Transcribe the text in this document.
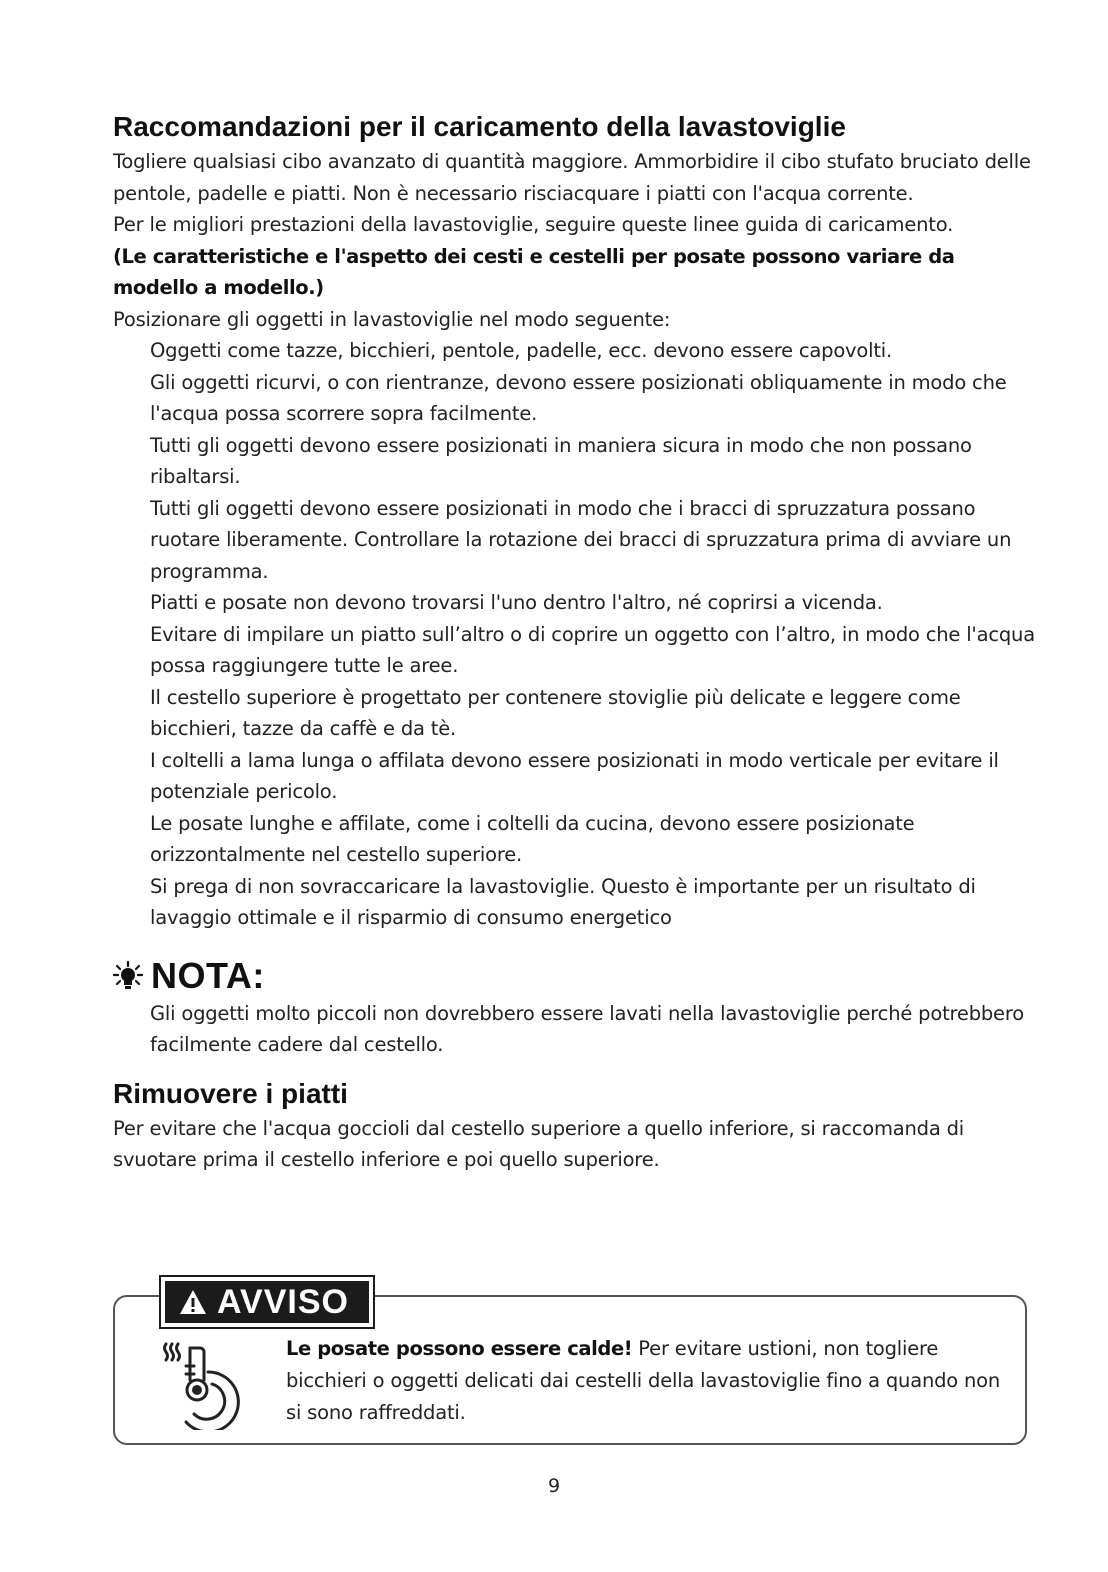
Raccomandazioni per il caricamento della lavastoviglie

Togliere qualsiasi cibo avanzato di quantità maggiore. Ammorbidire il cibo stufato bruciato delle pentole, padelle e piatti. Non è necessario risciacquare i piatti con l'acqua corrente.

Per le migliori prestazioni della lavastoviglie, seguire queste linee guida di caricamento.

(Le caratteristiche e l'aspetto dei cesti e cestelli per posate possono variare da modello a modello.)

Posizionare gli oggetti in lavastoviglie nel modo seguente:

Oggetti come tazze, bicchieri, pentole, padelle, ecc. devono essere capovolti.

Gli oggetti ricurvi, o con rientranze, devono essere posizionati obliquamente in modo che l'acqua possa scorrere sopra facilmente.

Tutti gli oggetti devono essere posizionati in maniera sicura in modo che non possano ribaltarsi.

Tutti gli oggetti devono essere posizionati in modo che i bracci di spruzzatura possano ruotare liberamente. Controllare la rotazione dei bracci di spruzzatura prima di avviare un programma.

Piatti e posate non devono trovarsi l'uno dentro l'altro, né coprirsi a vicenda.

Evitare di impilare un piatto sull’altro o di coprire un oggetto con l’altro, in modo che l'acqua possa raggiungere tutte le aree.

Il cestello superiore è progettato per contenere stoviglie più delicate e leggere come bicchieri, tazze da caffè e da tè.

I coltelli a lama lunga o affilata devono essere posizionati in modo verticale per evitare il potenziale pericolo.

Le posate lunghe e affilate, come i coltelli da cucina, devono essere posizionate orizzontalmente nel cestello superiore.

Si prega di non sovraccaricare la lavastoviglie. Questo è importante per un risultato di lavaggio ottimale e il risparmio di consumo energetico

NOTA:

Gli oggetti molto piccoli non dovrebbero essere lavati nella lavastoviglie perché potrebbero facilmente cadere dal cestello.

Rimuovere i piatti

Per evitare che l'acqua goccioli dal cestello superiore a quello inferiore, si raccomanda di svuotare prima il cestello inferiore e poi quello superiore.

AVVISO

Le posate possono essere calde! Per evitare ustioni, non togliere bicchieri o oggetti delicati dai cestelli della lavastoviglie fino a quando non si sono raffreddati.

9
